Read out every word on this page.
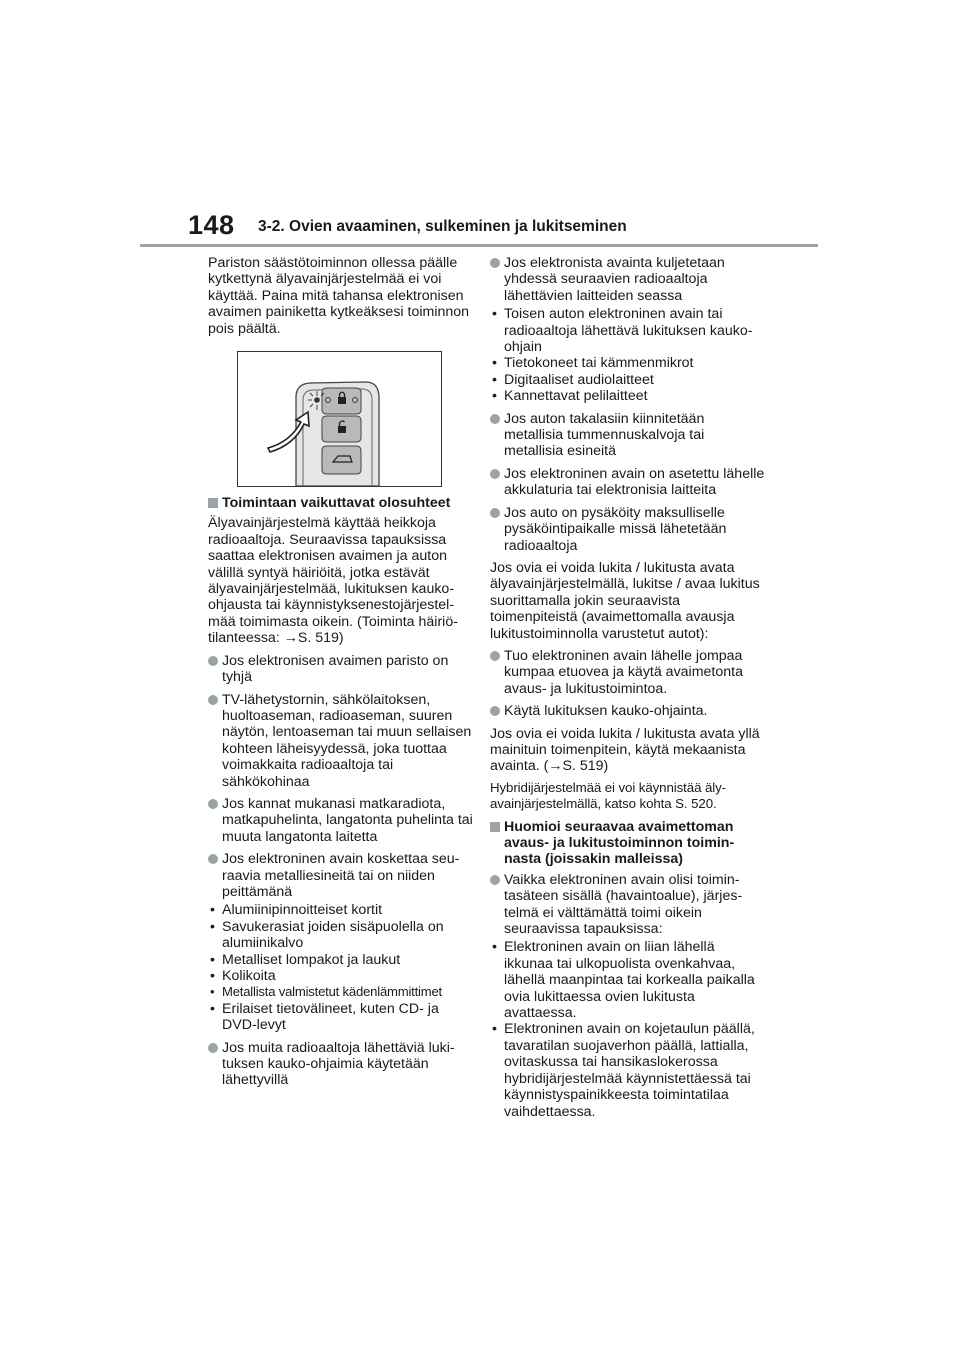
148 3-2. Ovien avaaminen, sulkeminen ja lukitseminen

Pariston säästötoiminnon ollessa päälle kytkettynä älyavainjärjestelmää ei voi käyttää. Paina mitä tahansa elektronisen avaimen painiketta kytkeäksesi toiminnon pois päältä.

Toimintaan vaikuttavat olosuhteet

Älyavainjärjestelmä käyttää heikkoja radioaaltoja. Seuraavissa tapauksissa saattaa elektronisen avaimen ja auton välillä syntyä häiriöitä, jotka estävät älyavainjärjestelmää, lukituksen kaukoohjausta tai käynnistyksenestojärjestelmää toimimasta oikein. (Toiminta häiriötilanteessa: →S. 519)

Jos elektronisen avaimen paristo on tyhjä
TV-lähetystornin, sähkölaitoksen, huoltoaseman, radioaseman, suuren näytön, lentoaseman tai muun sellaisen kohteen läheisyydessä, joka tuottaa voimakkaita radioaaltoja tai sähkökohinaa
Jos kannat mukanasi matkaradiota, matkapuhelinta, langatonta puhelinta tai muuta langatonta laitetta
Jos elektroninen avain koskettaa seuraavia metalliesineitä tai on niiden peittämänä
• Alumiinipinnoitteiset kortit
• Savukerasiat joiden sisäpuolella on alumiinikalvo
• Metalliset lompakot ja laukut
• Kolikoita
• Metallista valmistetut kädenlämmittimet
• Erilaiset tietovälineet, kuten CD- ja DVD-levyt
Jos muita radioaaltoja lähettäviä lukituksen kauko-ohjaimia käytetään lähettyvillä
Jos elektronista avainta kuljetetaan yhdessä seuraavien radioaaltoja lähettävien laitteiden seassa
• Toisen auton elektroninen avain tai radioaaltoja lähettävä lukituksen kauko-ohjain
• Tietokoneet tai kämmenmikrot
• Digitaaliset audiolaitteet
• Kannettavat pelilaitteet
Jos auton takalasiin kiinnitetään metallisia tummennuskalvoja tai metallisia esineitä
Jos elektroninen avain on asetettu lähelle akkulaturia tai elektronisia laitteita
Jos auto on pysäköity maksulliselle pysäköintipaikalle missä lähetetään radioaaltoja

Jos ovia ei voida lukita / lukitusta avata älyavainjärjestelmällä, lukitse / avaa lukitus suorittamalla jokin seuraavista toimenpiteistä (avaimettomalla avausja lukitustoiminnolla varustetut autot):

Tuo elektroninen avain lähelle jompaa kumpaa etuovea ja käytä avaimetonta avaus- ja lukitustoimintoa.
Käytä lukituksen kauko-ohjainta.

Jos ovia ei voida lukita / lukitusta avata yllä mainituin toimenpitein, käytä mekaanista avainta. (→S. 519)

Hybridijärjestelmää ei voi käynnistää älyavainjärjestelmällä, katso kohta S. 520.

Huomioi seuraavaa avaimettoman avaus- ja lukitustoiminnon toiminnasta (joissakin malleissa)
Vaikka elektroninen avain olisi toimintasäteen sisällä (havaintoalue), järjestelmä ei välttämättä toimi oikein seuraavissa tapauksissa:
• Elektroninen avain on liian lähellä ikkunaa tai ulkopuolista ovenkahvaa, lähellä maanpintaa tai korkealla paikalla ovia lukittaessa ovien lukitusta avattaessa.
• Elektroninen avain on kojetaulun päällä, tavaratilan suojaverhon päällä, lattialla, ovitaskussa tai hansikaslokerossa hybridijärjestelmää käynnistettäessä tai käynnistyspainikkeesta toimintatilaa vaihdettaessa.
